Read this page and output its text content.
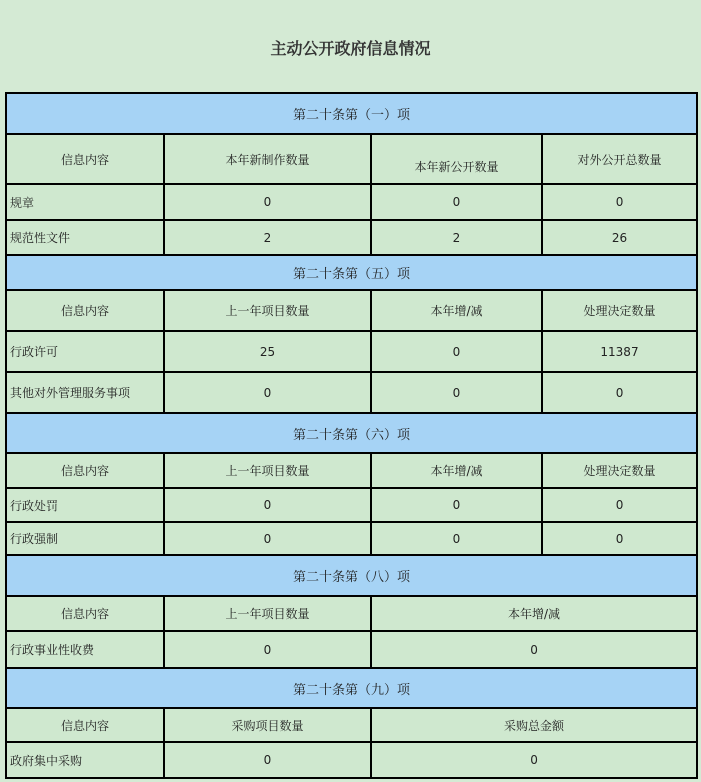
主动公开政府信息情况
第二十条第（一）项			
信息内容	本年新制作数量	本年新公开数量	对外公开总数量
规章	0	0	0
规范性文件	2	2	26
第二十条第（五）项			
信息内容	上一年项目数量	本年增/减	处理决定数量
行政许可	25	0	11387
其他对外管理服务事项	0	0	0
第二十条第（六）项			
信息内容	上一年项目数量	本年增/减	处理决定数量
行政处罚	0	0	0
行政强制	0	0	0
第二十条第（八）项			
信息内容	上一年项目数量	本年增/减	
行政事业性收费	0	0	
第二十条第（九）项			
信息内容	采购项目数量	采购总金额	
政府集中采购	0	0	
